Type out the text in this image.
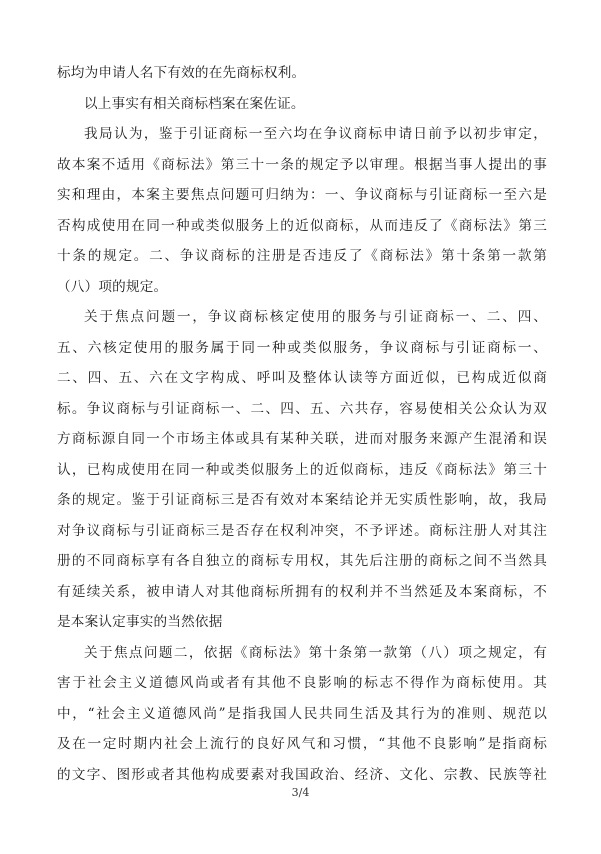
标均为申请人名下有效的在先商标权利。
以上事实有相关商标档案在案佐证。
我局认为，鉴于引证商标一至六均在争议商标申请日前予以初步审定，
故本案不适用《商标法》第三十一条的规定予以审理。根据当事人提出的事
实和理由，本案主要焦点问题可归纳为：一、争议商标与引证商标一至六是
否构成使用在同一种或类似服务上的近似商标，从而违反了《商标法》第三
十条的规定。二、争议商标的注册是否违反了《商标法》第十条第一款第
（八）项的规定。
关于焦点问题一，争议商标核定使用的服务与引证商标一、二、四、
五、六核定使用的服务属于同一种或类似服务，争议商标与引证商标一、
二、四、五、六在文字构成、呼叫及整体认读等方面近似，已构成近似商
标。争议商标与引证商标一、二、四、五、六共存，容易使相关公众认为双
方商标源自同一个市场主体或具有某种关联，进而对服务来源产生混淆和误
认，已构成使用在同一种或类似服务上的近似商标，违反《商标法》第三十
条的规定。鉴于引证商标三是否有效对本案结论并无实质性影响，故，我局
对争议商标与引证商标三是否存在权利冲突，不予评述。商标注册人对其注
册的不同商标享有各自独立的商标专用权，其先后注册的商标之间不当然具
有延续关系，被申请人对其他商标所拥有的权利并不当然延及本案商标，不
是本案认定事实的当然依据
关于焦点问题二，依据《商标法》第十条第一款第（八）项之规定，有
害于社会主义道德风尚或者有其他不良影响的标志不得作为商标使用。其
中，“社会主义道德风尚”是指我国人民共同生活及其行为的准则、规范以
及在一定时期内社会上流行的良好风气和习惯，“其他不良影响”是指商标
的文字、图形或者其他构成要素对我国政治、经济、文化、宗教、民族等社
3/4
